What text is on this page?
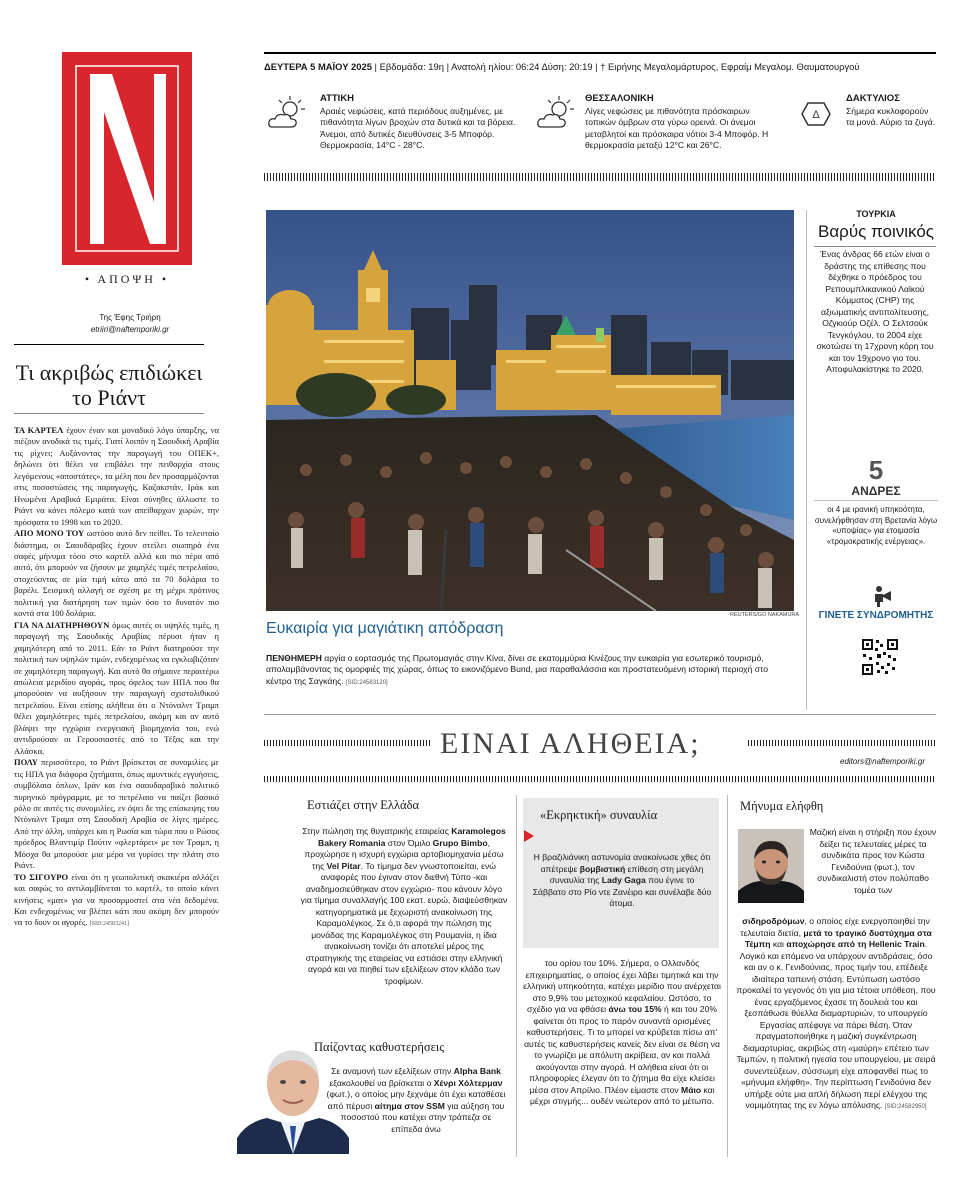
• ΑΠΟΨΗ •
Της Έφης Τριήρη
etriiri@naftemporiki.gr
Τι ακριβώς επιδιώκει το Ριάντ

ΤΑ ΚΑΡΤΕΛ έχουν έναν και μοναδικό λόγο ύπαρξης, να πιέζουν ανοδικά τις τιμές. Γιατί λοιπόν η Σαουδική Αραβία τις ρίχνει; Αυξάνοντας την παραγωγή του ΟΠΕΚ+, δηλώνει ότι θέλει να επιβάλει την πειθαρχία στους λεγόμενους «αποστάτες», τα μέλη που δεν προσαρμόζονται στις ποσοστώσεις της παραγωγής, Καζακστάν, Ιράκ και Ηνωμένα Αραβικά Εμιράτα. Είναι σύνηθες άλλωστε το Ριάντ να κάνει πόλεμο κατά των απείθαρχων χωρών, την πρόσφατα το 1998 και το 2020.

ΑΠΟ ΜΟΝΟ ΤΟΥ ωστόσο αυτό δεν πείθει. Το τελευταίο διάστημα, οι Σαουδάραβες έχουν στείλει σιωπηρά ένα σαφές μήνυμα τόσο στο καρτέλ αλλά και πιο πέρα από αυτό, ότι μπορούν να ζήσουν με χαμηλές τιμές πετρελαίου, στοχεύοντας σε μία τιμή κάτω από τα 70 δολάρια το βαρέλι. Σεισμική αλλαγή σε σχέση με τη μέχρι πρότινος πολιτική για διατήρηση των τιμών όσο το δυνατόν πιο κοντά στα 100 δολάρια.

ΓΙΑ ΝΑ ΔΙΑΤΗΡΗΘΟΥΝ όμως αυτές οι υψηλές τιμές, η παραγωγή της Σαουδικής Αραβίας πέρυσι ήταν η χαμηλότερη από το 2011. Εάν το Ριάντ διατηρούσε την πολιτική των υψηλών τιμών, ενδεχομένως να εγκλωβιζόταν σε χαμηλότερη παραγωγή. Και αυτό θα σήμαινε περαιτέρω απώλεια μεριδίου αγοράς, προς όφελος των ΗΠΑ που θα μπορούσαν να αυξήσουν την παραγωγή σχιστολιθικού πετρελαίου. Είναι επίσης αλήθεια ότι ο Ντόναλντ Τραμπ θέλει χαμηλότερες τιμές πετρελαίου, ακόμη και αν αυτό βλάψει την εγχώρια ενεργειακή βιομηχανία του, ενώ αντιδρούσαν οι Γερουσιαστές από το Τέξας και την Αλάσκα.

ΠΟΛΥ περισσότερο, το Ριάντ βρίσκεται σε συνομιλίες με τις ΗΠΑ για διάφορα ζητήματα, όπως αμυντικές εγγυήσεις, συμβόλαια όπλων, Ιράν και ένα σαουδαραβικό πολιτικό πυρηνικό πρόγραμμα, με το πετρέλαιο να παίζει βασικό ρόλο σε αυτές τις συνομιλίες, εν όψει δε της επίσκεψης του Ντόναλντ Τραμπ στη Σαουδική Αραβία σε λίγες ημέρες. Από την άλλη, υπάρχει και η Ρωσία και τώρα που ο Ρώσος πρόεδρος Βλαντιμίρ Πούτιν «φλερτάρει» με τον Τραμπ, η Μόσχα θα μπορούσε μια μέρα να γυρίσει την πλάτη στο Ριάντ.

ΤΟ ΣΙΓΟΥΡΟ είναι ότι η γεωπολιτική σκακιέρα αλλάζει και σαφώς το αντιλαμβάνεται το καρτέλ, το οποίο κάνει κινήσεις «ματ» για να προσαρμοστεί στα νέα δεδομένα. Και ενδεχομένως να βλέπει κάτι που ακόμη δεν μπορούν να το δουν οι αγορές. [SID:24583241]

ΔΕΥΤΕΡΑ 5 ΜΑΪΟΥ 2025 | Εβδομάδα: 19η | Ανατολή ηλίου: 06:24 Δύση: 20:19 | † Ειρήνης Μεγαλομάρτυρος, Εφραίμ Μεγαλομ. Θαυματουργού
ΑΤΤΙΚΗ
Αραιές νεφώσεις, κατά περιόδους αυξημένες, με πιθανότητα λίγων βροχών στα δυτικά και τα βόρεια. Άνεμοι, από δυτικές διευθύνσεις 3-5 Μποφόρ. Θερμοκρασία, 14°C - 28°C.
ΘΕΣΣΑΛΟΝΙΚΗ
Λίγες νεφώσεις με πιθανότητα πρόσκαιρων τοπικών όμβρων στα γύρω ορεινά. Οι άνεμοι μεταβλητοί και πρόσκαιρα νότιοι 3-4 Μποφόρ. Η θερμοκρασία μεταξύ 12°C και 26°C.
Δ
ΔΑΚΤΥΛΙΟΣ
Σήμερα κυκλοφορούν τα μονά. Αύριο τα ζυγά.
REUTERS/GO NAKAMURA
Ευκαιρία για μαγιάτικη απόδραση
ΠΕΝΘΗΜΕΡΗ αργία ο εορτασμός της Πρωτομαγιάς στην Κίνα, δίνει σε εκατομμύρια Κινέζους την ευκαιρία για εσωτερικό τουρισμό, απολαμβάνοντας τις ομορφιές της χώρας, όπως το εικονιζόμενο Bund, μια παραθαλάσσια και προστατευόμενη ιστορική περιοχή στο κέντρο της Σαγκάης. [SID:24583120]
ΤΟΥΡΚΙΑ
Βαρύς ποινικός
Ένας άνδρας 66 ετών είναι ο δράστης της επίθεσης που δέχθηκε ο πρόεδρος του Ρεπουμπλικανικού Λαϊκού Κόμματος (CHP) της αξιωματικής αντιπολίτευσης, Οζγκιούρ Οζέλ. Ο Σελτσούκ Τενγκόγλου, το 2004 είχε σκοτώσει τη 17χρονη κόρη του και τον 19χρονο γιο του. Αποφυλακίστηκε το 2020.
5
ΑΝΔΡΕΣ
οι 4 με ιρανική υπηκοότητα, συνελήφθησαν στη Βρετανία λόγω «υποψίας» για ετοιμασία «τρομοκρατικής ενέργειας».
ΓΙΝΕΤΕ ΣΥΝΔΡΟΜΗΤΗΣ
ΕΙΝΑΙ ΑΛΗΘΕΙΑ;
editors@naftemporiki.gr
Εστιάζει στην Ελλάδα
Στην πώληση της θυγατρικής εταιρείας Karamolegos Bakery Romania στον Όμιλο Grupo Bimbo, προχώρησε η ισχυρή εγχώρια αρτοβιομηχανία μέσω της Vel Pitar. Το τίμημα δεν γνωστοποιείται, ενώ αναφορές που έγιναν στον διεθνή Τύπο -και αναδημοσιεύθηκαν στον εγχώριο- που κάνουν λόγο για τίμημα συναλλαγής 100 εκατ. ευρώ, διαψεύσθηκαν κατηγορηματικά με ξεχωριστή ανακοίνωση της Καραμολέγκος. Σε ό,τι αφορά την πώληση της μονάδας της Καραμολέγκος στη Ρουμανία, η ίδια ανακοίνωση τονίζει ότι αποτελεί μέρος της στρατηγικής της εταιρείας να εστιάσει στην ελληνική αγορά και να πιηθεί των εξελίξεων στον κλάδο των τροφίμων.
Παίζοντας καθυστερήσεις
Σε αναμονή των εξελίξεων στην Alpha Bank εξακολουθεί να βρίσκεται ο Χένρι Χόλτερμαν (φωτ.), ο οποίος μην ξεχνάμε ότι έχει καταθέσει από πέρυσι αίτημα στον SSM για αύξηση του ποσοστού που κατέχει στην τράπεζα σε επίπεδα άνω
«Εκρηκτική» συναυλία
Η βραζιλιάνικη αστυνομία ανακοίνωσε χθες ότι απέτρεψε βομβιστική επίθεση στη μεγάλη συναυλία της Lady Gaga που έγινε το Σάββατο στο Ρίο ντε Ζανέιρο και συνέλαβε δύο άτομα.
του ορίου του 10%. Σήμερα, ο Ολλανδός επιχειρηματίας, ο οποίος έχει λάβει τιμητικά και την ελληνική υπηκοότητα, κατέχει μερίδιο που ανέρχεται στο 9,9% του μετοχικού κεφαλαίου. Ωστόσο, το σχέδιο για να φθάσει άνω του 15% ή και του 20% φαίνεται ότι προς το παρόν συναντά ορισμένες καθυστερήσεις. Τι το μπορεί να κρύβεται πίσω απ' αυτές τις καθυστερήσεις κανείς δεν είναι σε θέση να το γνωρίζει με απόλυτη ακρίβεια, αν και πολλά ακούγονται στην αγορά. Η αλήθεια είναι ότι οι πληροφορίες έλεγαν ότι το ζήτημα θα είχε κλείσει μέσα στον Απρίλιο. Πλέον είμαστε στον Μάιο και μέχρι στιγμής... ουδέν νεώτερον από το μέτωπο.
Μήνυμα ελήφθη
Μαζική είναι η στήριξη που έχουν δείξει τις τελευταίες μέρες τα συνδικάτα προς τον Κώστα Γενιδούνια (φωτ.), τον συνδικαλιστή στον πολύπαθο τομέα των
σιδηροδρόμων, ο οποίος είχε ενεργοποιηθεί την τελευταία διετία, μετά το τραγικό δυστύχημα στα Τέμπη και αποχώρησε από τη Hellenic Train. Λογικό και επόμενο να υπάρχουν αντιδράσεις, όσο και αν ο κ. Γενιδούνιας, προς τιμήν του, επέδειξε ιδιαίτερα ταπεινή στάση. Εντύπωση ωστόσο προκαλεί το γεγονός ότι για μια τέτοια υπόθεση, που ένας εργαζόμενος έχασε τη δουλειά του και ξεσπάθωσε θύελλα διαμαρτυριών, το υπουργείο Εργασίας απέφυγε να πάρει θέση. Όταν πραγματοποιήθηκε η μαζική συγκέντρωση διαμαρτυρίας, ακριβώς στη «μαύρη» επέτειο των Τεμπών, η πολιτική ηγεσία του υπουργείου, με σειρά συνεντεύξεων, σύσσωμη είχε αποφανθεί πως το «μήνυμα ελήφθη». Την περίπτωση Γενιδούνια δεν υπήρξε ούτε μια απλή δήλωση περί ελέγχου της νομιμότητας της εν λόγω απόλυσης. [SID:24582950]
